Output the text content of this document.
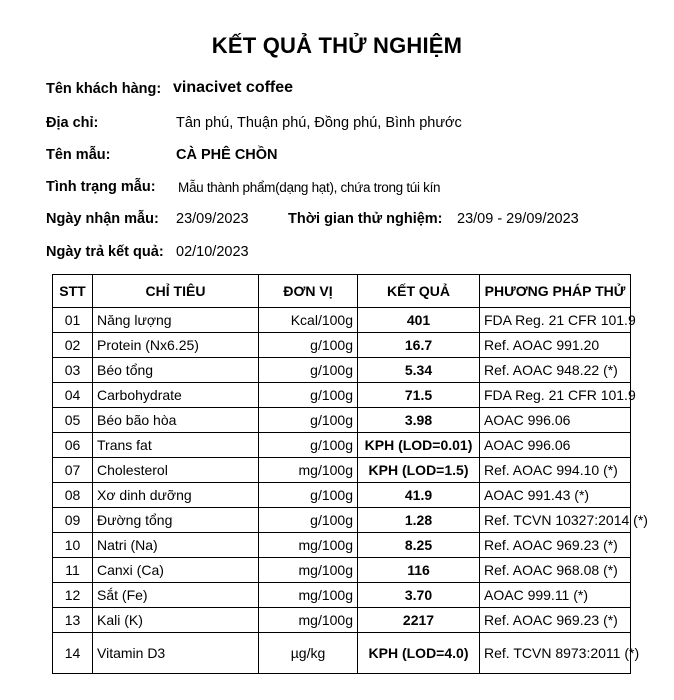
KẾT QUẢ THỬ NGHIỆM
Tên khách hàng: vinacivet coffee
Địa chỉ:	Tân phú, Thuận phú, Đồng phú, Bình phước
Tên mẫu:	CÀ PHÊ CHỒN
Tình trạng mẫu: Mẫu thành phẩm(dạng hạt), chứa trong túi kín
Ngày nhận mẫu: 23/09/2023	Thời gian thử nghiệm: 23/09 - 29/09/2023
Ngày trả kết quả: 02/10/2023
STT	CHỈ TIÊU	ĐƠN VỊ	KẾT QUẢ	PHƯƠNG PHÁP THỬ
01	Năng lượng	Kcal/100g	401	FDA Reg. 21 CFR 101.9
02	Protein (Nx6.25)	g/100g	16.7	Ref. AOAC 991.20
03	Béo tổng	g/100g	5.34	Ref. AOAC 948.22 (*)
04	Carbohydrate	g/100g	71.5	FDA Reg. 21 CFR 101.9
05	Béo bão hòa	g/100g	3.98	AOAC 996.06
06	Trans fat	g/100g	KPH (LOD=0.01)	AOAC 996.06
07	Cholesterol	mg/100g	KPH (LOD=1.5)	Ref. AOAC 994.10 (*)
08	Xơ dinh dưỡng	g/100g	41.9	AOAC 991.43 (*)
09	Đường tổng	g/100g	1.28	Ref. TCVN 10327:2014 (*)
10	Natri (Na)	mg/100g	8.25	Ref. AOAC 969.23 (*)
11	Canxi (Ca)	mg/100g	116	Ref. AOAC 968.08 (*)
12	Sắt (Fe)	mg/100g	3.70	AOAC 999.11 (*)
13	Kali (K)	mg/100g	2217	Ref. AOAC 969.23 (*)
14	Vitamin D3	µg/kg	KPH (LOD=4.0)	Ref. TCVN 8973:2011 (*)
